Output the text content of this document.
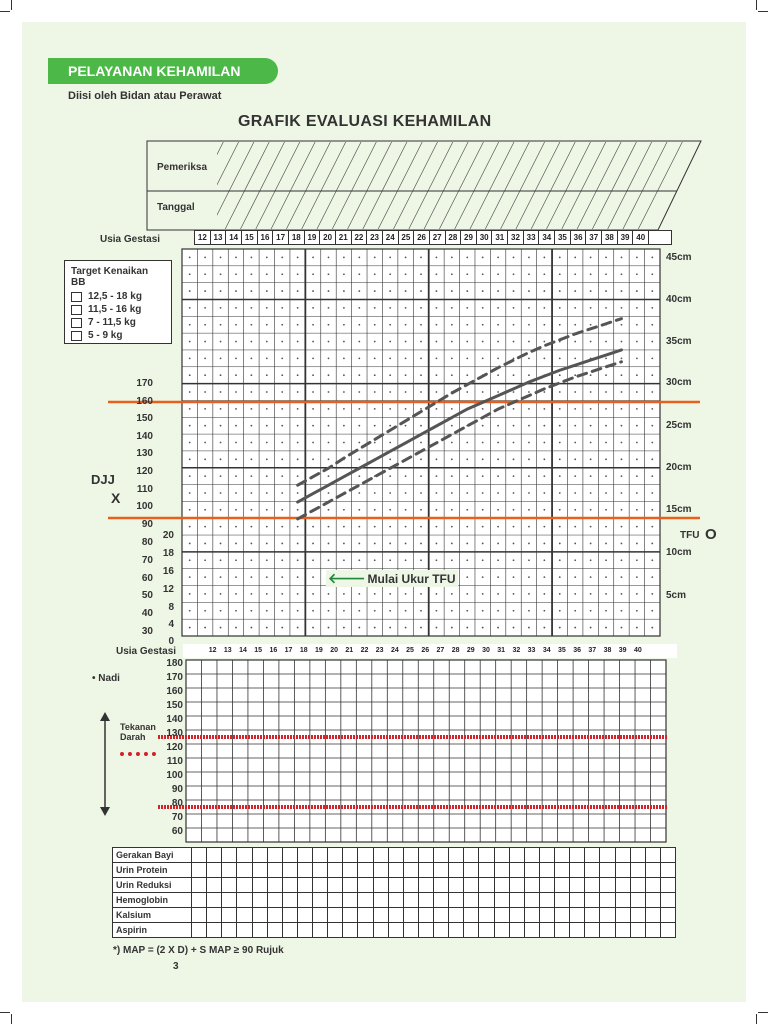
PELAYANAN KEHAMILAN
Diisi oleh Bidan atau Perawat
GRAFIK EVALUASI KEHAMILAN
Pemeriksa
Tanggal
Usia Gestasi	12 13 14 15 16 17 18 19 20 21 22 23 24 25 26 27 28 29 30 31 32 33 34 35 36 37 38 39 40
Target Kenaikan BB
12,5 - 18 kg
11,5 - 16 kg
7 - 11,5 kg
5 - 9 kg
45cm
40cm
35cm
30cm
25cm
20cm
15cm
10cm
5cm
170
160
150
140
130
120
110
100
90
80
70
60
50
40
30
20
18
16
12
8
4
0
DJJ
X
TFU O
🡐 Mulai Ukur TFU
Usia Gestasi	12	13	14	15	16	17	18	19	20	21	22	23	24	25	26	27	28	29	30	31	32	33	34	35	36	37	38	39	40
• Nadi
Tekanan Darah
180
170
160
150
140
130
120
110
100
90
80
70
60
Gerakan Bayi																																
Urin Protein																																
Urin Reduksi																																
Hemoglobin																																
Kalsium																																
Aspirin																																
*) MAP = (2 X D) + S MAP ≥ 90 Rujuk
3
